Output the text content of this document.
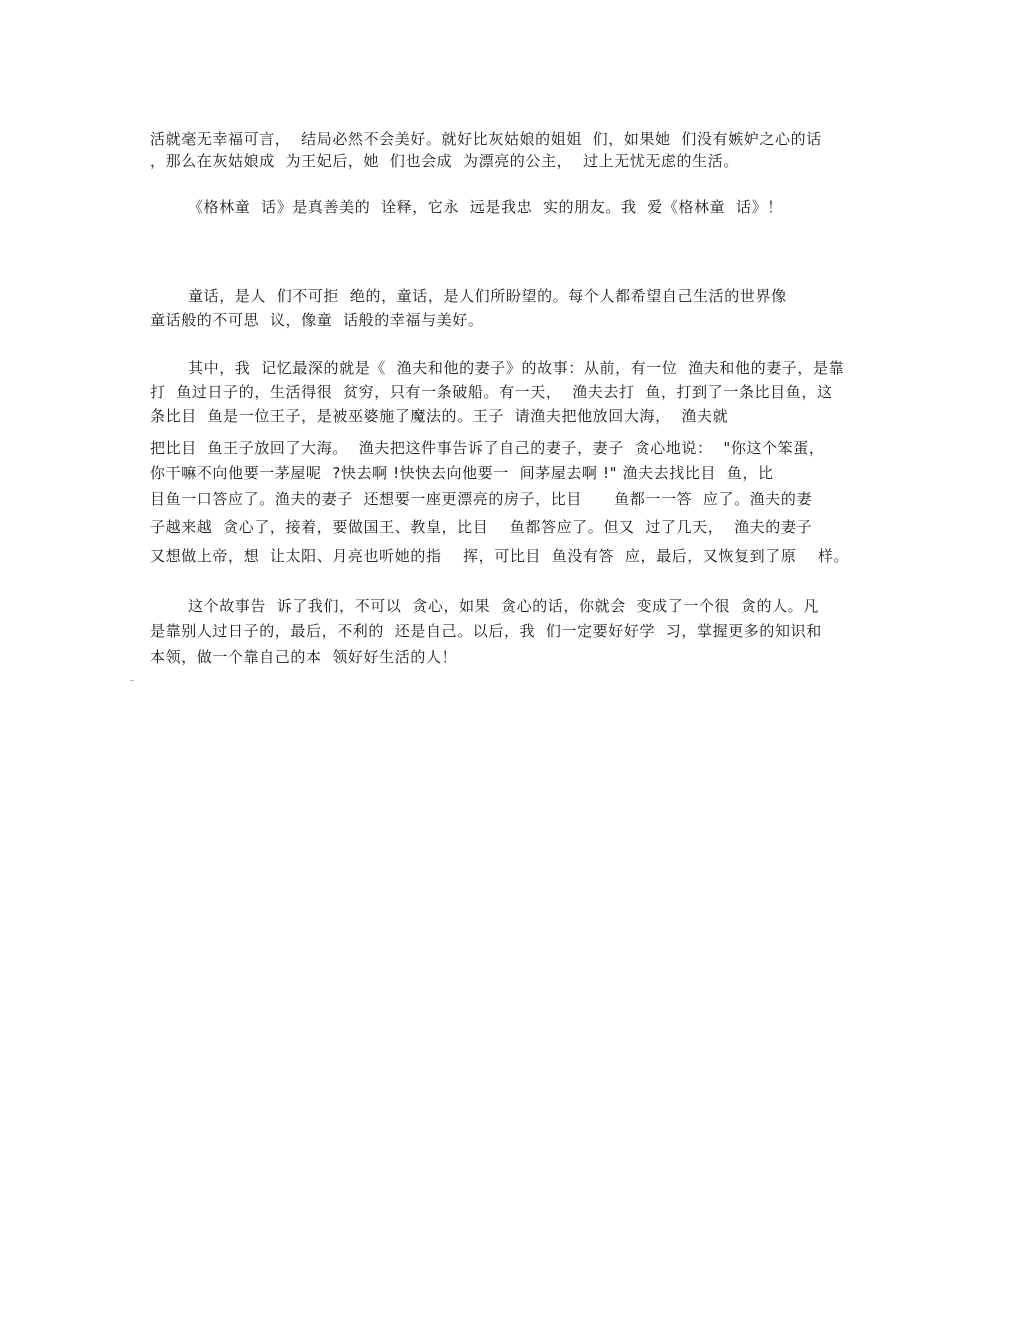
活就毫无幸福可言，  结局必然不会美好。就好比灰姑娘的姐姐  们，如果她  们没有嫉妒之心的话
，那么在灰姑娘成  为王妃后，她  们也会成  为漂亮的公主，  过上无忧无虑的生活。
《格林童  话》是真善美的  诠释，它永  远是我忠  实的朋友。我  爱《格林童  话》！
童话，是人  们不可拒  绝的，童话，是人们所盼望的。每个人都希望自己生活的世界像
童话般的不可思  议，像童  话般的幸福与美好。
其中，我  记忆最深的就是《  渔夫和他的妻子》的故事：从前，有一位  渔夫和他的妻子，是靠
打  鱼过日子的，生活得很  贫穷，只有一条破船。有一天，  渔夫去打  鱼，打到了一条比目鱼，这
条比目  鱼是一位王子，是被巫婆施了魔法的。王子  请渔夫把他放回大海，  渔夫就
把比目  鱼王子放回了大海。  渔夫把这件事告诉了自己的妻子，妻子  贪心地说：  "你这个笨蛋，
你干嘛不向他要一茅屋呢  ?快去啊 !快快去向他要一  间茅屋去啊 !" 渔夫去找比目  鱼，比
目鱼一口答应了。渔夫的妻子  还想要一座更漂亮的房子，比目      鱼都一一答  应了。渔夫的妻
子越来越  贪心了，接着，要做国王、教皇，比目    鱼都答应了。但又  过了几天，  渔夫的妻子
又想做上帝，想  让太阳、月亮也听她的指    挥，可比目  鱼没有答  应，最后，又恢复到了原    样。
这个故事告  诉了我们，不可以  贪心，如果  贪心的话，你就会  变成了一个很  贪的人。凡
是靠别人过日子的，最后，不利的  还是自己。以后，我  们一定要好好学  习，掌握更多的知识和
本领，做一个靠自己的本  领好好生活的人！
